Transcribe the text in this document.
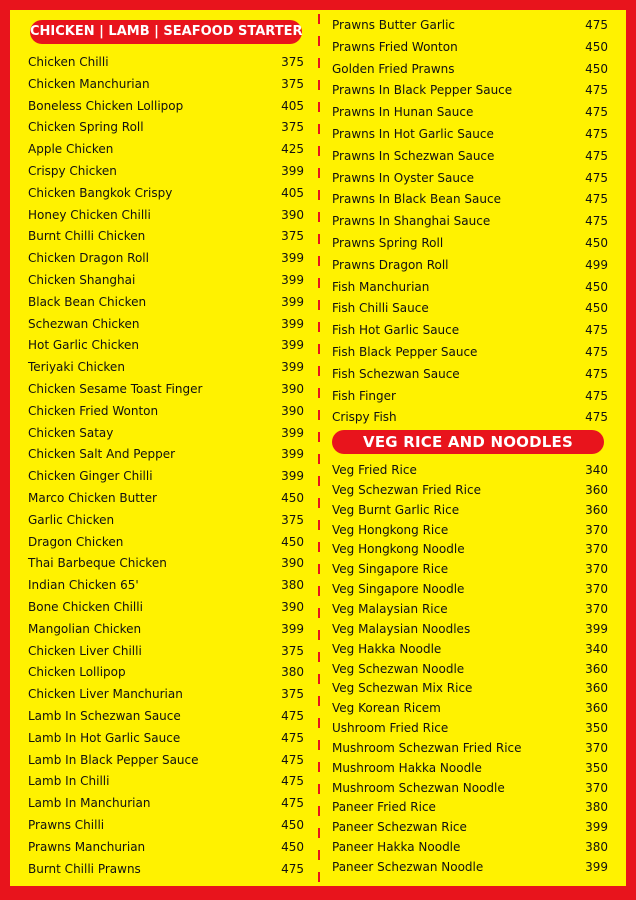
CHICKEN | LAMB | SEAFOOD STARTER
Chicken Chilli	375
Chicken Manchurian	375
Boneless Chicken Lollipop	405
Chicken Spring Roll	375
Apple Chicken	425
Crispy Chicken	399
Chicken Bangkok Crispy	405
Honey Chicken Chilli	390
Burnt Chilli Chicken	375
Chicken Dragon Roll	399
Chicken Shanghai	399
Black Bean Chicken	399
Schezwan Chicken	399
Hot Garlic Chicken	399
Teriyaki Chicken	399
Chicken Sesame Toast Finger	390
Chicken Fried Wonton	390
Chicken Satay	399
Chicken Salt And Pepper	399
Chicken Ginger Chilli	399
Marco Chicken Butter	450
Garlic Chicken	375
Dragon Chicken	450
Thai Barbeque Chicken	390
Indian Chicken 65'	380
Bone Chicken Chilli	390
Mangolian Chicken	399
Chicken Liver Chilli	375
Chicken Lollipop	380
Chicken Liver Manchurian	375
Lamb In Schezwan Sauce	475
Lamb In Hot Garlic Sauce	475
Lamb In Black Pepper Sauce	475
Lamb In Chilli	475
Lamb In Manchurian	475
Prawns Chilli	450
Prawns Manchurian	450
Burnt Chilli Prawns	475
Prawns Butter Garlic	475
Prawns Fried Wonton	450
Golden Fried Prawns	450
Prawns In Black Pepper Sauce	475
Prawns In Hunan Sauce	475
Prawns In Hot Garlic Sauce	475
Prawns In Schezwan Sauce	475
Prawns In Oyster Sauce	475
Prawns In Black Bean Sauce	475
Prawns In Shanghai Sauce	475
Prawns Spring Roll	450
Prawns Dragon Roll	499
Fish Manchurian	450
Fish Chilli Sauce	450
Fish Hot Garlic Sauce	475
Fish Black Pepper Sauce	475
Fish Schezwan Sauce	475
Fish Finger	475
Crispy Fish	475
VEG RICE AND NOODLES
Veg Fried Rice	340
Veg Schezwan Fried Rice	360
Veg Burnt Garlic Rice	360
Veg Hongkong Rice	370
Veg Hongkong Noodle	370
Veg Singapore Rice	370
Veg Singapore Noodle	370
Veg Malaysian Rice	370
Veg Malaysian Noodles	399
Veg Hakka Noodle	340
Veg Schezwan Noodle	360
Veg Schezwan Mix Rice	360
Veg Korean Ricem	360
Ushroom Fried Rice	350
Mushroom Schezwan Fried Rice	370
Mushroom Hakka Noodle	350
Mushroom Schezwan Noodle	370
Paneer Fried Rice	380
Paneer Schezwan Rice	399
Paneer Hakka Noodle	380
Paneer Schezwan Noodle	399
